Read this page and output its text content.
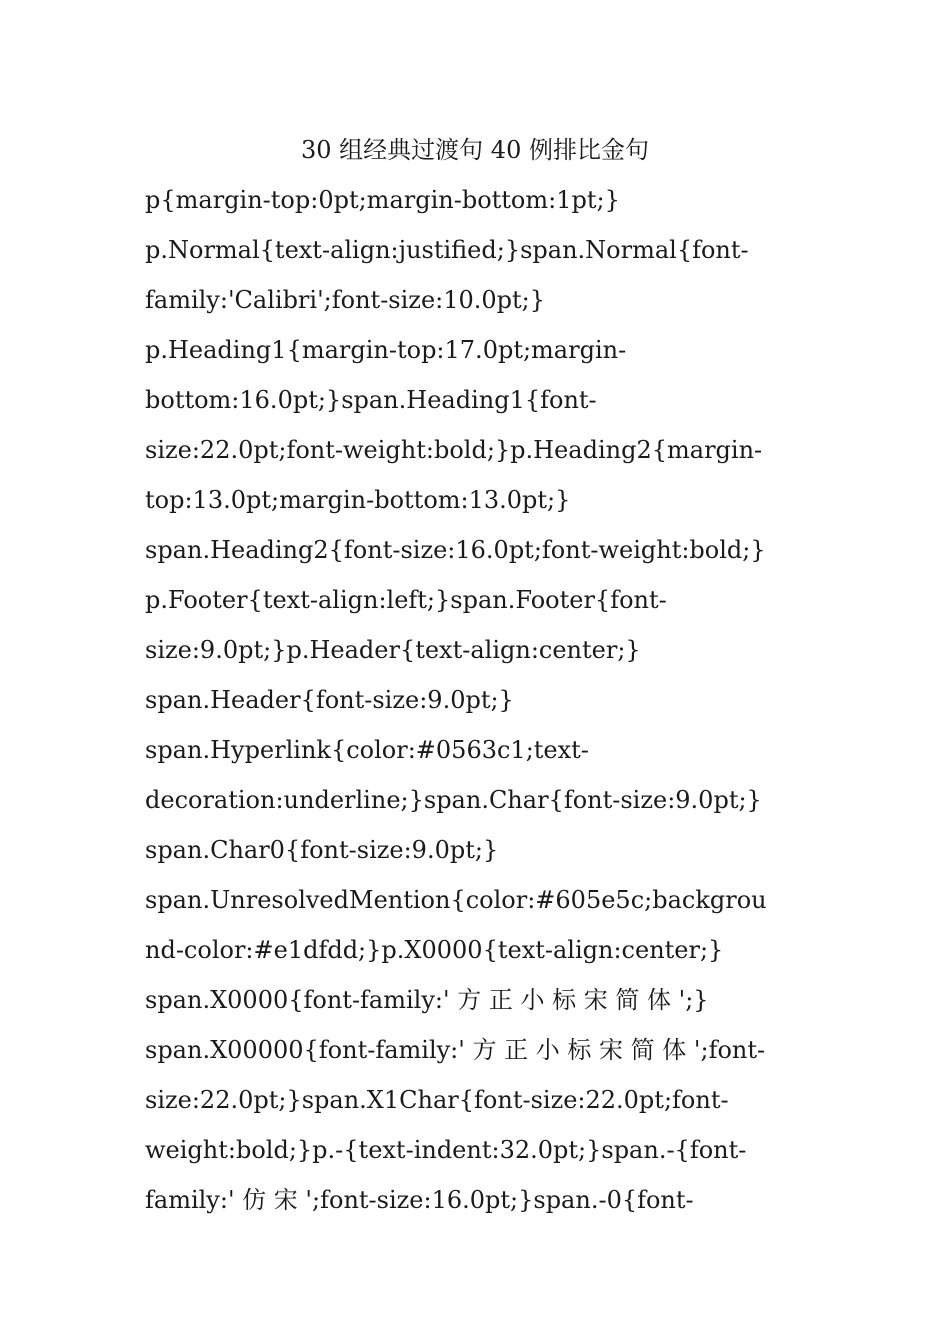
30 组经典过渡句 40 例排比金句
p{margin-top:0pt;margin-bottom:1pt;}
p.Normal{text-align:justified;}span.Normal{font-
family:'Calibri';font-size:10.0pt;}
p.Heading1{margin-top:17.0pt;margin-
bottom:16.0pt;}span.Heading1{font-
size:22.0pt;font-weight:bold;}p.Heading2{margin-
top:13.0pt;margin-bottom:13.0pt;}
span.Heading2{font-size:16.0pt;font-weight:bold;}
p.Footer{text-align:left;}span.Footer{font-
size:9.0pt;}p.Header{text-align:center;}
span.Header{font-size:9.0pt;}
span.Hyperlink{color:#0563c1;text-
decoration:underline;}span.Char{font-size:9.0pt;}
span.Char0{font-size:9.0pt;}
span.UnresolvedMention{color:#605e5c;backgrou
nd-color:#e1dfdd;}p.X0000{text-align:center;}
span.X0000{font-family:' 方 正 小 标 宋 简 体 ';}
span.X00000{font-family:' 方 正 小 标 宋 简 体 ';font-
size:22.0pt;}span.X1Char{font-size:22.0pt;font-
weight:bold;}p.-{text-indent:32.0pt;}span.-{font-
family:' 仿 宋 ';font-size:16.0pt;}span.-0{font-
